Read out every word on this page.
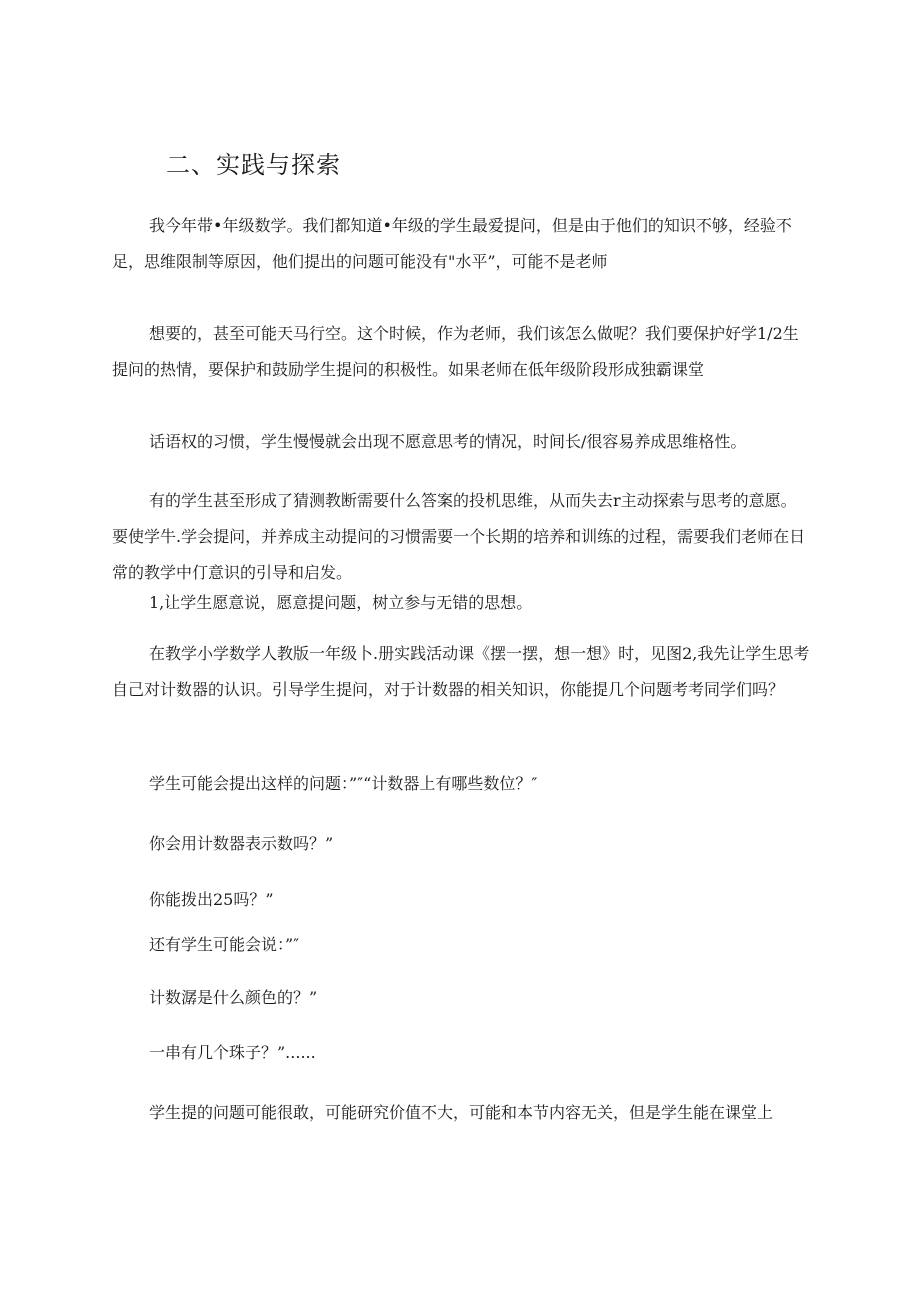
二、实践与探索

我今年带•年级数学。我们都知道•年级的学生最爱提问，但是由于他们的知识不够，经验不足，思维限制等原因，他们提出的问题可能没有"水平”，可能不是老师

想要的，甚至可能天马行空。这个时候，作为老师，我们该怎么做呢？我们要保护好学1/2生提问的热情，要保护和鼓励学生提问的积极性。如果老师在低年级阶段形成独霸课堂

话语权的习惯，学生慢慢就会出现不愿意思考的情况，时间长/很容易养成思维格性。

有的学生甚至形成了猜测教断需要什么答案的投机思维，从而失去r主动探索与思考的意愿。要使学牛.学会提问，并养成主动提问的习惯需要一个长期的培养和训练的过程，需要我们老师在日常的教学中仃意识的引导和启发。

1,让学生愿意说，愿意提问题，树立参与无错的思想。

在教学小学数学人教版一年级卜.册实践活动课《摆一摆，想一想》时，见图2,我先让学生思考自己对计数器的认识。引导学生提问，对于计数器的相关知识，你能提几个问题考考同学们吗？

学生可能会提出这样的问题：”″“计数器上有哪些数位？″

你会用计数器表示数吗？”

你能拨出25吗？”

还有学生可能会说：”″

计数潺是什么颜色的？”

一串有几个珠子？”......

学生提的问题可能很敢，可能研究价值不大，可能和本节内容无关，但是学生能在课堂上
